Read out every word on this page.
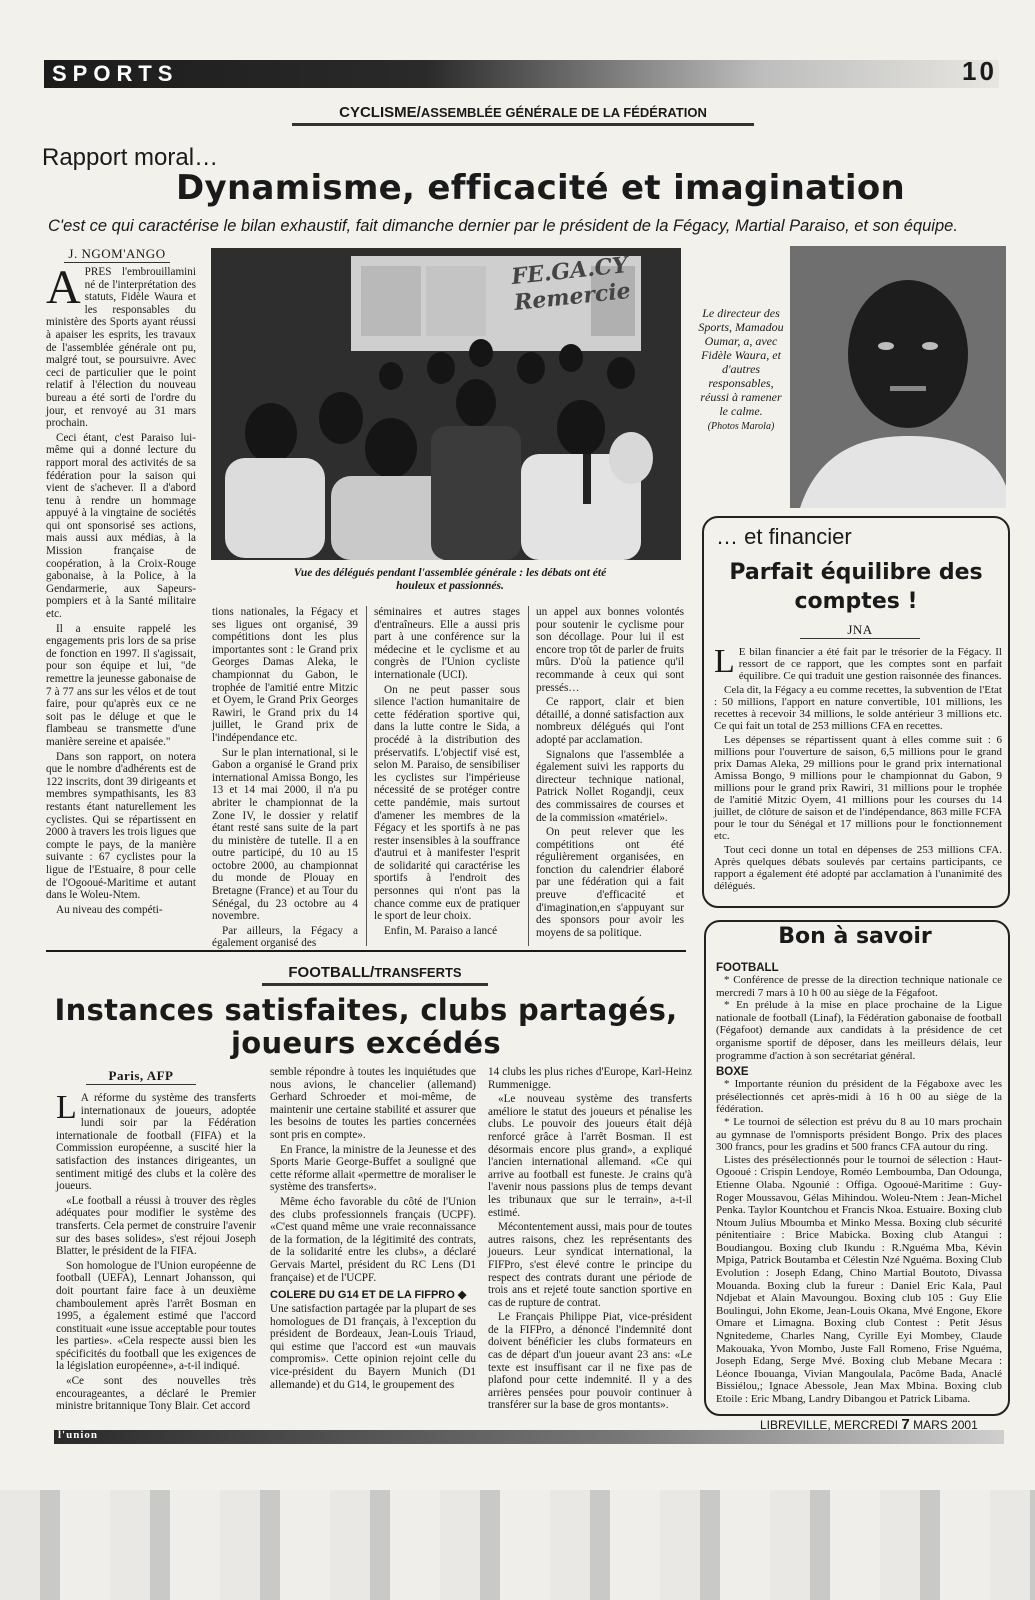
SPORTS	10
CYCLISME/ASSEMBLÉE GÉNÉRALE DE LA FÉDÉRATION
Rapport moral…
Dynamisme, efficacité et imagination
C'est ce qui caractérise le bilan exhaustif, fait dimanche dernier par le président de la Fégacy, Martial Paraiso, et son équipe.
J. NGOM'ANGO

APRES l'embrouillamini né de l'interprétation des statuts, Fidèle Waura et les responsables du ministère des Sports ayant réussi à apaiser les esprits, les travaux de l'assemblée générale ont pu, malgré tout, se poursuivre. Avec ceci de particulier que le point relatif à l'élection du nouveau bureau a été sorti de l'ordre du jour, et renvoyé au 31 mars prochain.

Ceci étant, c'est Paraiso lui-même qui a donné lecture du rapport moral des activités de sa fédération pour la saison qui vient de s'achever. Il a d'abord tenu à rendre un hommage appuyé à la vingtaine de sociétés qui ont sponsorisé ses actions, mais aussi aux médias, à la Mission française de coopération, à la Croix-Rouge gabonaise, à la Police, à la Gendarmerie, aux Sapeurs-pompiers et à la Santé militaire etc.

Il a ensuite rappelé les engagements pris lors de sa prise de fonction en 1997. Il s'agissait, pour son équipe et lui, "de remettre la jeunesse gabonaise de 7 à 77 ans sur les vélos et de tout faire, pour qu'après eux ce ne soit pas le déluge et que le flambeau se transmette d'une manière sereine et apaisée."

Dans son rapport, on notera que le nombre d'adhérents est de 122 inscrits, dont 39 dirigeants et membres sympathisants, les 83 restants étant naturellement les cyclistes. Qui se répartissent en 2000 à travers les trois ligues que compte le pays, de la manière suivante : 67 cyclistes pour la ligue de l'Estuaire, 8 pour celle de l'Ogooué-Maritime et autant dans le Woleu-Ntem.

Au niveau des compéti-

FE.GA.CY Remercie
Vue des délégués pendant l'assemblée générale : les débats ont été houleux et passionnés.
Le directeur des Sports, Mamadou Oumar, a, avec Fidèle Waura, et d'autres responsables, réussi à ramener le calme.
(Photos Marola)

tions nationales, la Fégacy et ses ligues ont organisé, 39 compétitions dont les plus importantes sont : le Grand prix Georges Damas Aleka, le championnat du Gabon, le trophée de l'amitié entre Mitzic et Oyem, le Grand Prix Georges Rawiri, le Grand prix du 14 juillet, le Grand prix de l'indépendance etc.

Sur le plan international, si le Gabon a organisé le Grand prix international Amissa Bongo, les 13 et 14 mai 2000, il n'a pu abriter le championnat de la Zone IV, le dossier y relatif étant resté sans suite de la part du ministère de tutelle. Il a en outre participé, du 10 au 15 octobre 2000, au championnat du monde de Plouay en Bretagne (France) et au Tour du Sénégal, du 23 octobre au 4 novembre.

Par ailleurs, la Fégacy a également organisé des

séminaires et autres stages d'entraîneurs. Elle a aussi pris part à une conférence sur la médecine et le cyclisme et au congrès de l'Union cycliste internationale (UCI).

On ne peut passer sous silence l'action humanitaire de cette fédération sportive qui, dans la lutte contre le Sida, a procédé à la distribution des préservatifs. L'objectif visé est, selon M. Paraiso, de sensibiliser les cyclistes sur l'impérieuse nécessité de se protéger contre cette pandémie, mais surtout d'amener les membres de la Fégacy et les sportifs à ne pas rester insensibles à la souffrance d'autrui et à manifester l'esprit de solidarité qui caractérise les sportifs à l'endroit des personnes qui n'ont pas la chance comme eux de pratiquer le sport de leur choix.

Enfin, M. Paraiso a lancé

un appel aux bonnes volontés pour soutenir le cyclisme pour son décollage. Pour lui il est encore trop tôt de parler de fruits mûrs. D'où la patience qu'il recommande à ceux qui sont pressés…

Ce rapport, clair et bien détaillé, a donné satisfaction aux nombreux délégués qui l'ont adopté par acclamation.

Signalons que l'assemblée a également suivi les rapports du directeur technique national, Patrick Nollet Rogandji, ceux des commissaires de courses et de la commission «matériel».

On peut relever que les compétitions ont été régulièrement organisées, en fonction du calendrier élaboré par une fédération qui a fait preuve d'efficacité et d'imagination,en s'appuyant sur des sponsors pour avoir les moyens de sa politique.

… et financier
Parfait équilibre des comptes !
JNA

L E bilan financier a été fait par le trésorier de la Fégacy. Il ressort de ce rapport, que les comptes sont en parfait équilibre. Ce qui traduit une gestion raisonnée des finances.

Cela dit, la Fégacy a eu comme recettes, la subvention de l'Etat : 50 millions, l'apport en nature convertible, 101 millions, les recettes à recevoir 34 millions, le solde antérieur 3 millions etc. Ce qui fait un total de 253 millions CFA en recettes.

Les dépenses se répartissent quant à elles comme suit : 6 millions pour l'ouverture de saison, 6,5 millions pour le grand prix Damas Aleka, 29 millions pour le grand prix international Amissa Bongo, 9 millions pour le championnat du Gabon, 9 millions pour le grand prix Rawiri, 31 millions pour le trophée de l'amitié Mitzic Oyem, 41 millions pour les courses du 14 juillet, de clôture de saison et de l'indépendance, 863 mille FCFA pour le tour du Sénégal et 17 millions pour le fonctionnement etc.

Tout ceci donne un total en dépenses de 253 millions CFA. Après quelques débats soulevés par certains participants, ce rapport a également été adopté par acclamation à l'unanimité des délégués.

Bon à savoir
FOOTBALL

* Conférence de presse de la direction technique nationale ce mercredi 7 mars à 10 h 00 au siège de la Fégafoot.

* En prélude à la mise en place prochaine de la Ligue nationale de football (Linaf), la Fédération gabonaise de football (Fégafoot) demande aux candidats à la présidence de cet organisme sportif de déposer, dans les meilleurs délais, leur programme d'action à son secrétariat général.

BOXE

* Importante réunion du président de la Fégaboxe avec les présélectionnés cet après-midi à 16 h 00 au siège de la fédération.

* Le tournoi de sélection est prévu du 8 au 10 mars prochain au gymnase de l'omnisports président Bongo. Prix des places 300 francs, pour les gradins et 500 francs CFA autour du ring.

Listes des présélectionnés pour le tournoi de sélection : Haut-Ogooué : Crispin Lendoye, Roméo Lemboumba, Dan Odounga, Etienne Olaba. Ngounié : Offiga. Ogooué-Maritime : Guy-Roger Moussavou, Gélas Mihindou. Woleu-Ntem : Jean-Michel Penka. Taylor Kountchou et Francis Nkoa. Estuaire. Boxing club Ntoum Julius Mboumba et Minko Messa. Boxing club sécurité pénitentiaire : Brice Mabicka. Boxing club Atangui : Boudiangou. Boxing club Ikundu : R.Nguéma Mba, Kévin Mpiga, Patrick Boutamba et Célestin Nzé Nguéma. Boxing Club Evolution : Joseph Edang, Chino Martial Boutoto, Divassa Mouanda. Boxing club la fureur : Daniel Eric Kala, Paul Ndjebat et Alain Mavoungou. Boxing club 105 : Guy Elie Boulingui, John Ekome, Jean-Louis Okana, Mvé Engone, Ekore Omare et Limagna. Boxing club Contest : Petit Jésus Ngnitedeme, Charles Nang, Cyrille Eyi Mombey, Claude Makouaka, Yvon Mombo, Juste Fall Romeno, Frise Nguéma, Joseph Edang, Serge Mvé. Boxing club Mebane Mecara : Léonce Ibouanga, Vivian Mangoulala, Pacôme Bada, Anaclé Bissiélou,; Ignace Abessole, Jean Max Mbina. Boxing club Etoile : Eric Mbang, Landry Dibangou et Patrick Libama.

FOOTBALL/TRANSFERTS
Instances satisfaites, clubs partagés,
joueurs excédés
Paris, AFP

L A réforme du système des transferts internationaux de joueurs, adoptée lundi soir par la Fédération internationale de football (FIFA) et la Commission européenne, a suscité hier la satisfaction des instances dirigeantes, un sentiment mitigé des clubs et la colère des joueurs.

«Le football a réussi à trouver des règles adéquates pour modifier le système des transferts. Cela permet de construire l'avenir sur des bases solides», s'est réjoui Joseph Blatter, le président de la FIFA.

Son homologue de l'Union européenne de football (UEFA), Lennart Johansson, qui doit pourtant faire face à un deuxième chamboulement après l'arrêt Bosman en 1995, a également estimé que l'accord constituait «une issue acceptable pour toutes les parties». «Cela respecte aussi bien les spécificités du football que les exigences de la législation européenne», a-t-il indiqué.

«Ce sont des nouvelles très encourageantes, a déclaré le Premier ministre britannique Tony Blair. Cet accord

semble répondre à toutes les inquiétudes que nous avions, le chancelier (allemand) Gerhard Schroeder et moi-même, de maintenir une certaine stabilité et assurer que les besoins de toutes les parties concernées sont pris en compte».

En France, la ministre de la Jeunesse et des Sports Marie George-Buffet a souligné que cette réforme allait «permettre de moraliser le système des transferts».

Même écho favorable du côté de l'Union des clubs professionnels français (UCPF). «C'est quand même une vraie reconnaissance de la formation, de la légitimité des contrats, de la solidarité entre les clubs», a déclaré Gervais Martel, président du RC Lens (D1 française) et de l'UCPF.

COLERE DU G14 ET DE LA FIFPRO ◆

Une satisfaction partagée par la plupart de ses homologues de D1 français, à l'exception du président de Bordeaux, Jean-Louis Triaud, qui estime que l'accord est «un mauvais compromis». Cette opinion rejoint celle du vice-président du Bayern Munich (D1 allemande) et du G14, le groupement des

14 clubs les plus riches d'Europe, Karl-Heinz Rummenigge.

«Le nouveau système des transferts améliore le statut des joueurs et pénalise les clubs. Le pouvoir des joueurs était déjà renforcé grâce à l'arrêt Bosman. Il est désormais encore plus grand», a expliqué l'ancien international allemand. «Ce qui arrive au football est funeste. Je crains qu'à l'avenir nous passions plus de temps devant les tribunaux que sur le terrain», a-t-il estimé.

Mécontentement aussi, mais pour de toutes autres raisons, chez les représentants des joueurs. Leur syndicat international, la FIFPro, s'est élevé contre le principe du respect des contrats durant une période de trois ans et rejeté toute sanction sportive en cas de rupture de contrat.

Le Français Philippe Piat, vice-président de la FIFPro, a dénoncé l'indemnité dont doivent bénéficier les clubs formateurs en cas de départ d'un joueur avant 23 ans: «Le texte est insuffisant car il ne fixe pas de plafond pour cette indemnité. Il y a des arrières pensées pour pouvoir continuer à transférer sur la base de gros montants».

l'union
LIBREVILLE, MERCREDI 7 MARS 2001
